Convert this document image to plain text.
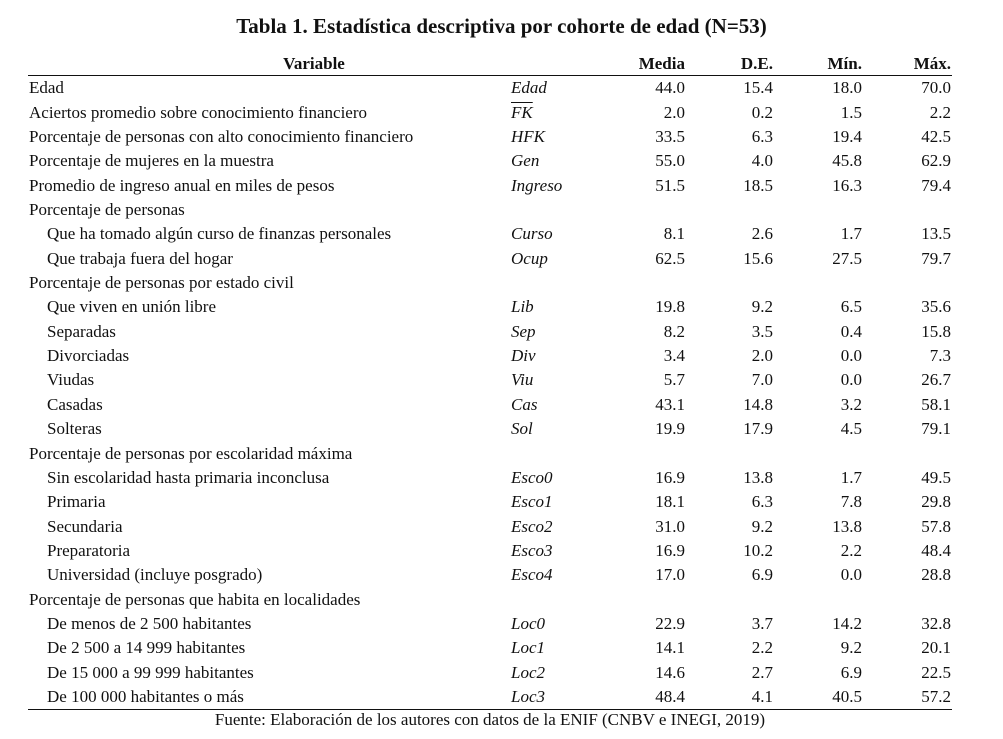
Tabla 1. Estadística descriptiva por cohorte de edad (N=53)
Variable		Media	D.E.	Mín.	Máx.
Edad	Edad	44.0	15.4	18.0	70.0
Aciertos promedio sobre conocimiento financiero	$\overline{FK}$	2.0	0.2	1.5	2.2
Porcentaje de personas con alto conocimiento financiero	HFK	33.5	6.3	19.4	42.5
Porcentaje de mujeres en la muestra	Gen	55.0	4.0	45.8	62.9
Promedio de ingreso anual en miles de pesos	Ingreso	51.5	18.5	16.3	79.4
Porcentaje de personas					
Que ha tomado algún curso de finanzas personales	Curso	8.1	2.6	1.7	13.5
Que trabaja fuera del hogar	Ocup	62.5	15.6	27.5	79.7
Porcentaje de personas por estado civil					
Que viven en unión libre	Lib	19.8	9.2	6.5	35.6
Separadas	Sep	8.2	3.5	0.4	15.8
Divorciadas	Div	3.4	2.0	0.0	7.3
Viudas	Viu	5.7	7.0	0.0	26.7
Casadas	Cas	43.1	14.8	3.2	58.1
Solteras	Sol	19.9	17.9	4.5	79.1
Porcentaje de personas por escolaridad máxima					
Sin escolaridad hasta primaria inconclusa	Esco0	16.9	13.8	1.7	49.5
Primaria	Esco1	18.1	6.3	7.8	29.8
Secundaria	Esco2	31.0	9.2	13.8	57.8
Preparatoria	Esco3	16.9	10.2	2.2	48.4
Universidad (incluye posgrado)	Esco4	17.0	6.9	0.0	28.8
Porcentaje de personas que habita en localidades					
De menos de 2 500 habitantes	Loc0	22.9	3.7	14.2	32.8
De 2 500 a 14 999 habitantes	Loc1	14.1	2.2	9.2	20.1
De 15 000 a 99 999 habitantes	Loc2	14.6	2.7	6.9	22.5
De 100 000 habitantes o más	Loc3	48.4	4.1	40.5	57.2
Fuente: Elaboración de los autores con datos de la ENIF (CNBV e INEGI, 2019)
